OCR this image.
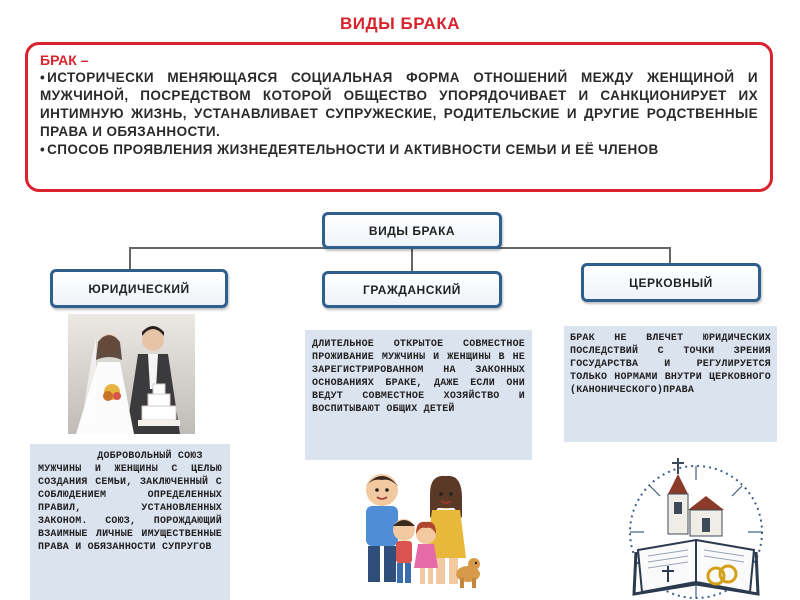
ВИДЫ БРАКА
БРАК –
• ИСТОРИЧЕСКИ МЕНЯЮЩАЯСЯ СОЦИАЛЬНАЯ ФОРМА ОТНОШЕНИЙ МЕЖДУ ЖЕНЩИНОЙ И МУЖЧИНОЙ, ПОСРЕДСТВОМ КОТОРОЙ ОБЩЕСТВО УПОРЯДОЧИВАЕТ И САНКЦИОНИРУЕТ ИХ ИНТИМНУЮ ЖИЗНЬ, УСТАНАВЛИВАЕТ СУПРУЖЕСКИЕ, РОДИТЕЛЬСКИЕ И ДРУГИЕ РОДСТВЕННЫЕ ПРАВА И ОБЯЗАННОСТИ.
• СПОСОБ ПРОЯВЛЕНИЯ ЖИЗНЕДЕЯТЕЛЬНОСТИ И АКТИВНОСТИ СЕМЬИ И ЕЁ ЧЛЕНОВ
ВИДЫ БРАКА
ЮРИДИЧЕСКИЙ	ГРАЖДАНСКИЙ	ЦЕРКОВНЫЙ

ДОБРОВОЛЬНЫЙ СОЮЗ

МУЖЧИНЫ И ЖЕНЩИНЫ С ЦЕЛЬЮ СОЗДАНИЯ СЕМЬИ, ЗАКЛЮЧЕННЫЙ С СОБЛЮДЕНИЕМ ОПРЕДЕЛЕННЫХ ПРАВИЛ, УСТАНОВЛЕННЫХ ЗАКОНОМ. СОЮЗ, ПОРОЖДАЮЩИЙ ВЗАИМНЫЕ ЛИЧНЫЕ ИМУЩЕСТВЕННЫЕ ПРАВА И ОБЯЗАННОСТИ СУПРУГОВ

ДЛИТЕЛЬНОЕ ОТКРЫТОЕ СОВМЕСТНОЕ ПРОЖИВАНИЕ МУЖЧИНЫ И ЖЕНЩИНЫ В НЕ ЗАРЕГИСТРИРОВАННОМ НА ЗАКОННЫХ ОСНОВАНИЯХ БРАКЕ, ДАЖЕ ЕСЛИ ОНИ ВЕДУТ СОВМЕСТНОЕ ХОЗЯЙСТВО И ВОСПИТЫВАЮТ ОБЩИХ ДЕТЕЙ

БРАК НЕ ВЛЕЧЕТ ЮРИДИЧЕСКИХ ПОСЛЕДСТВИЙ С ТОЧКИ ЗРЕНИЯ ГОСУДАРСТВА И РЕГУЛИРУЕТСЯ ТОЛЬКО НОРМАМИ ВНУТРИ ЦЕРКОВНОГО (КАНОНИЧЕСКОГО)ПРАВА
